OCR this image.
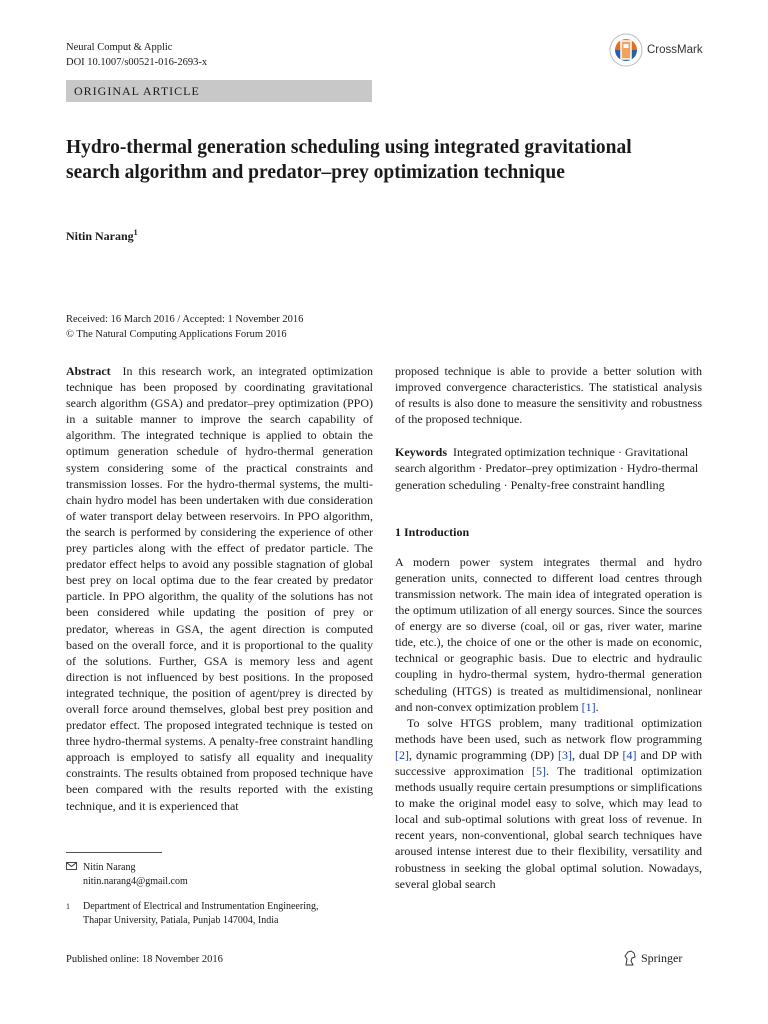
Neural Comput & Applic
DOI 10.1007/s00521-016-2693-x
CrossMark
ORIGINAL ARTICLE
Hydro-thermal generation scheduling using integrated gravitational search algorithm and predator–prey optimization technique
Nitin Narang$^1$
Received: 16 March 2016 / Accepted: 1 November 2016
© The Natural Computing Applications Forum 2016

Abstract In this research work, an integrated optimization technique has been proposed by coordinating gravitational search algorithm (GSA) and predator–prey optimization (PPO) in a suitable manner to improve the search capability of algorithm. The integrated technique is applied to obtain the optimum generation schedule of hydro-thermal generation system considering some of the practical constraints and transmission losses. For the hydro-thermal systems, the multi-chain hydro model has been undertaken with due consideration of water transport delay between reservoirs. In PPO algorithm, the search is performed by considering the experience of other prey particles along with the effect of predator particle. The predator effect helps to avoid any possible stagnation of global best prey on local optima due to the fear created by predator particle. In PPO algorithm, the quality of the solutions has not been considered while updating the position of prey or predator, whereas in GSA, the agent direction is computed based on the overall force, and it is proportional to the quality of the solutions. Further, GSA is memory less and agent direction is not influenced by best positions. In the proposed integrated technique, the position of agent/prey is directed by overall force around themselves, global best prey position and predator effect. The proposed integrated technique is tested on three hydro-thermal systems. A penalty-free constraint handling approach is employed to satisfy all equality and inequality constraints. The results obtained from proposed technique have been compared with the results reported with the existing technique, and it is experienced that

proposed technique is able to provide a better solution with improved convergence characteristics. The statistical analysis of results is also done to measure the sensitivity and robustness of the proposed technique.

Keywords Integrated optimization technique · Gravitational search algorithm · Predator–prey optimization · Hydro-thermal generation scheduling · Penalty-free constraint handling

1 Introduction

A modern power system integrates thermal and hydro generation units, connected to different load centres through transmission network. The main idea of integrated operation is the optimum utilization of all energy sources. Since the sources of energy are so diverse (coal, oil or gas, river water, marine tide, etc.), the choice of one or the other is made on economic, technical or geographic basis. Due to electric and hydraulic coupling in hydro-thermal system, hydro-thermal generation scheduling (HTGS) is treated as multidimensional, nonlinear and non-convex optimization problem [1].

To solve HTGS problem, many traditional optimization methods have been used, such as network flow programming [2], dynamic programming (DP) [3], dual DP [4] and DP with successive approximation [5]. The traditional optimization methods usually require certain presumptions or simplifications to make the original model easy to solve, which may lead to local and sub-optimal solutions with great loss of revenue. In recent years, non-conventional, global search techniques have aroused intense interest due to their flexibility, versatility and robustness in seeking the global optimal solution. Nowadays, several global search

Nitin Narang
nitin.narang4@gmail.com
1 Department of Electrical and Instrumentation Engineering,
Thapar University, Patiala, Punjab 147004, India
Published online: 18 November 2016	Springer
